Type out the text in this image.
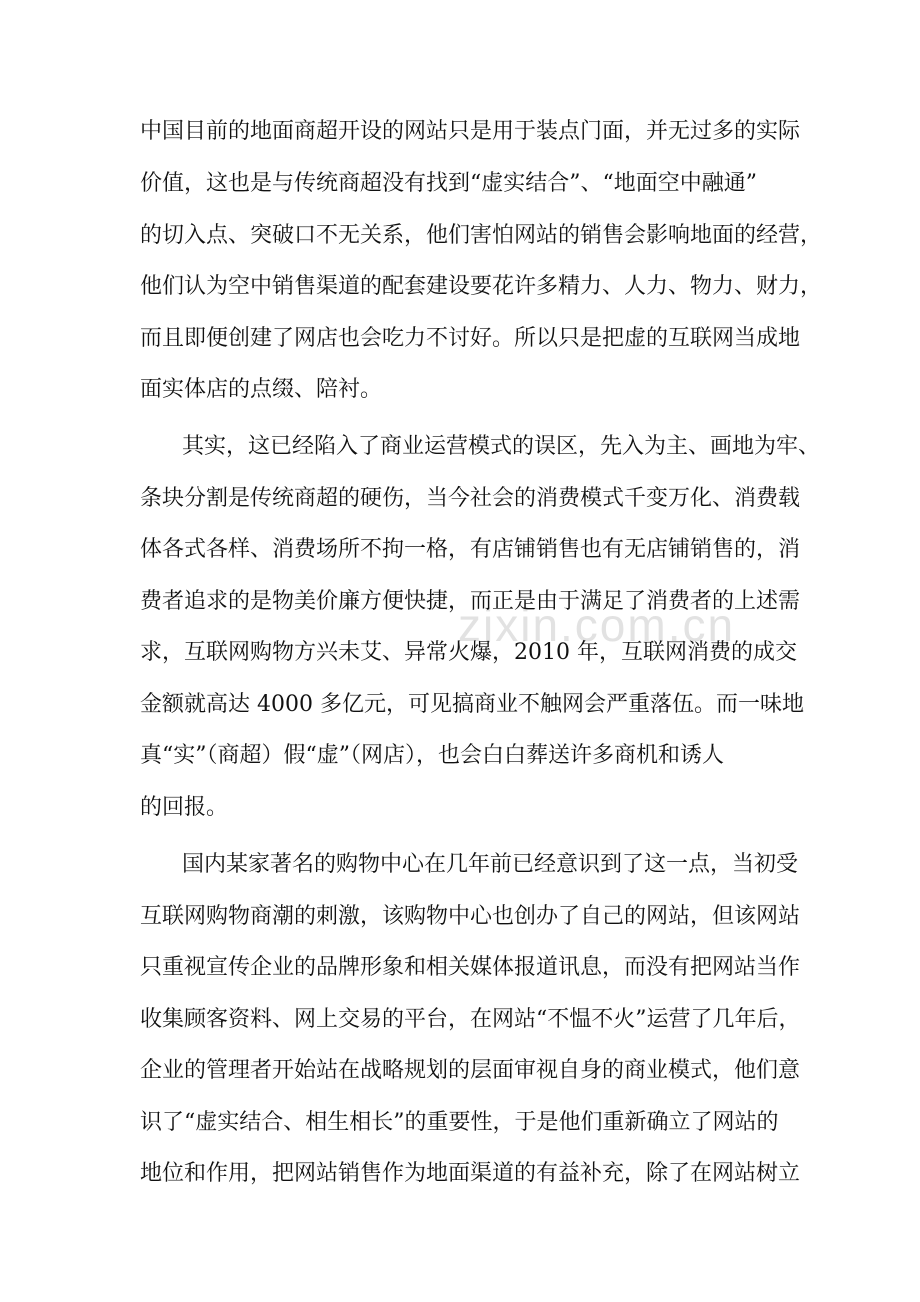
zixin.com.cn
中国目前的地面商超开设的网站只是用于装点门面，并无过多的实际
价值，这也是与传统商超没有找到“虚实结合”、“地面空中融通”
的切入点、突破口不无关系，他们害怕网站的销售会影响地面的经营，
他们认为空中销售渠道的配套建设要花许多精力、人力、物力、财力，
而且即便创建了网店也会吃力不讨好。所以只是把虚的互联网当成地
面实体店的点缀、陪衬。
其实，这已经陷入了商业运营模式的误区，先入为主、画地为牢、
条块分割是传统商超的硬伤，当今社会的消费模式千变万化、消费载
体各式各样、消费场所不拘一格，有店铺销售也有无店铺销售的，消
费者追求的是物美价廉方便快捷，而正是由于满足了消费者的上述需
求，互联网购物方兴未艾、异常火爆，2010 年，互联网消费的成交
金额就高达 4000 多亿元，可见搞商业不触网会严重落伍。而一味地
真“实”（商超）假“虚”（网店），也会白白葬送许多商机和诱人
的回报。
国内某家著名的购物中心在几年前已经意识到了这一点，当初受
互联网购物商潮的刺激，该购物中心也创办了自己的网站，但该网站
只重视宣传企业的品牌形象和相关媒体报道讯息，而没有把网站当作
收集顾客资料、网上交易的平台，在网站“不愠不火”运营了几年后，
企业的管理者开始站在战略规划的层面审视自身的商业模式，他们意
识了“虚实结合、相生相长”的重要性，于是他们重新确立了网站的
地位和作用，把网站销售作为地面渠道的有益补充，除了在网站树立
